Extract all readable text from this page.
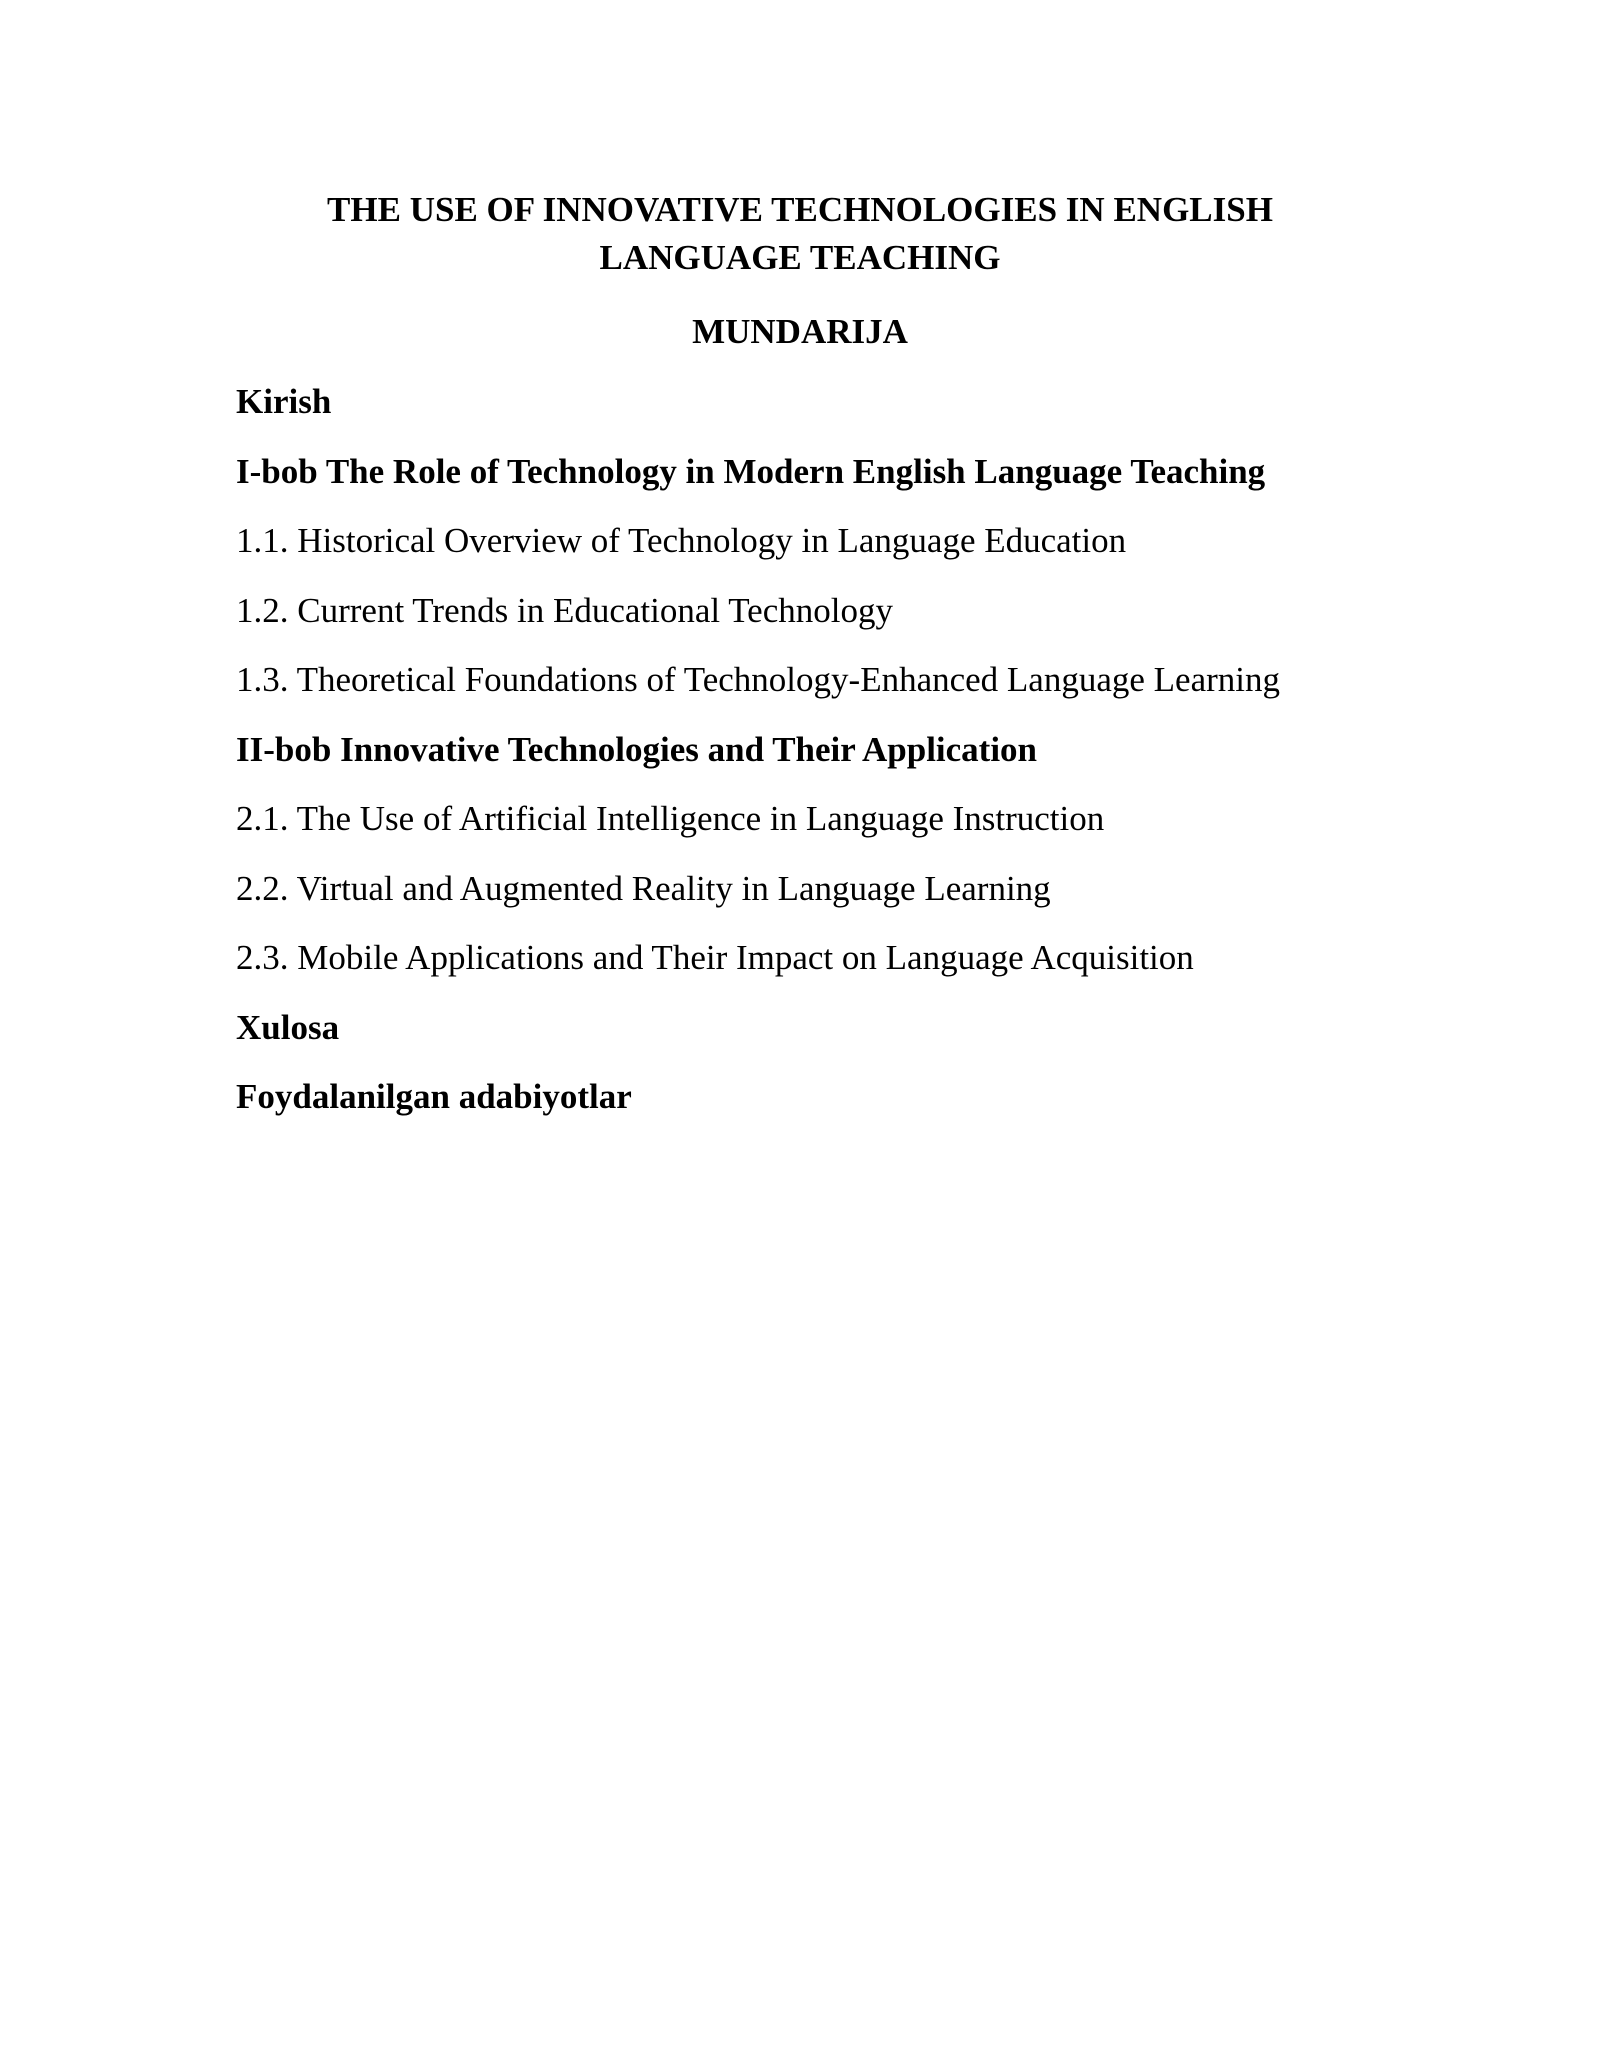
THE USE OF INNOVATIVE TECHNOLOGIES IN ENGLISH
LANGUAGE TEACHING
MUNDARIJA
Kirish
I-bob The Role of Technology in Modern English Language Teaching
1.1. Historical Overview of Technology in Language Education
1.2. Current Trends in Educational Technology
1.3. Theoretical Foundations of Technology-Enhanced Language Learning
II-bob Innovative Technologies and Their Application
2.1. The Use of Artificial Intelligence in Language Instruction
2.2. Virtual and Augmented Reality in Language Learning
2.3. Mobile Applications and Their Impact on Language Acquisition
Xulosa
Foydalanilgan adabiyotlar
